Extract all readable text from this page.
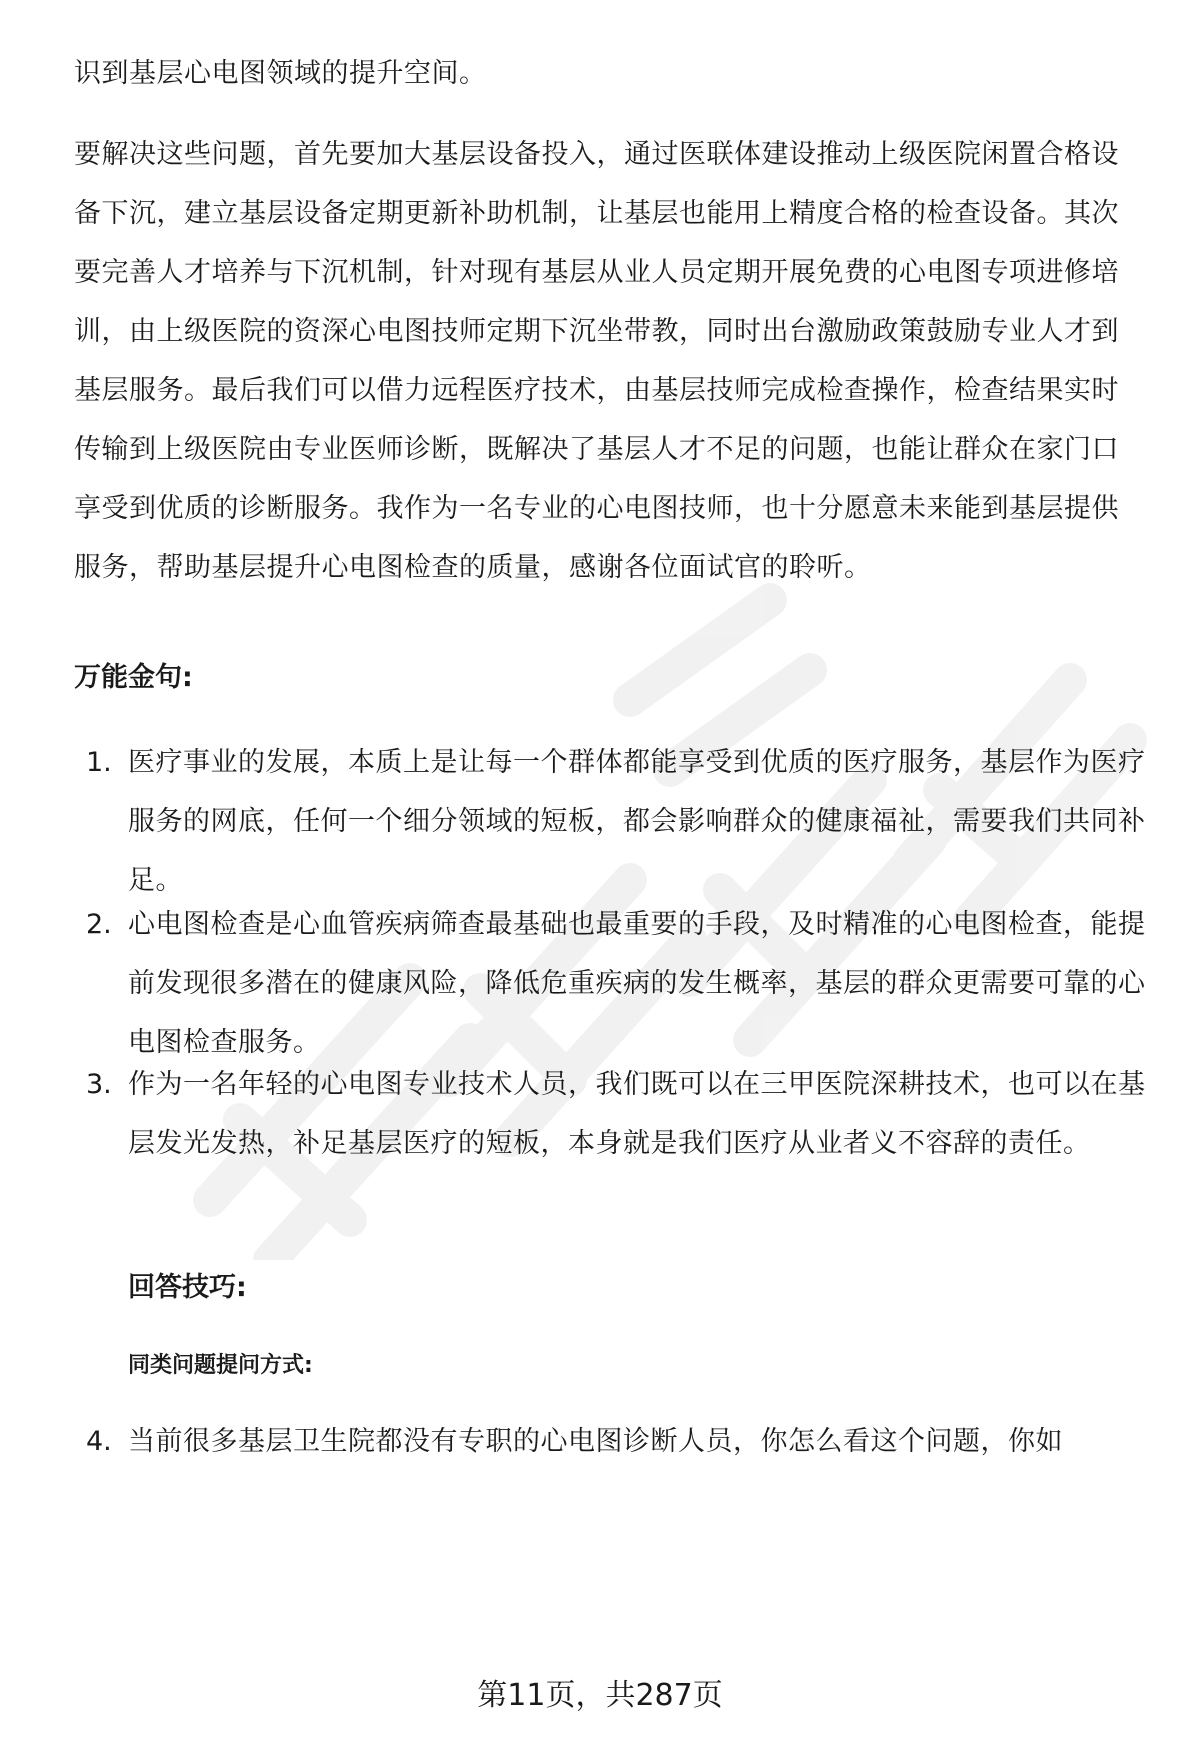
识到基层心电图领域的提升空间。

要解决这些问题，首先要加大基层设备投入，通过医联体建设推动上级医院闲置合格设备下沉，建立基层设备定期更新补助机制，让基层也能用上精度合格的检查设备。其次要完善人才培养与下沉机制，针对现有基层从业人员定期开展免费的心电图专项进修培训，由上级医院的资深心电图技师定期下沉坐带教，同时出台激励政策鼓励专业人才到基层服务。最后我们可以借力远程医疗技术，由基层技师完成检查操作，检查结果实时传输到上级医院由专业医师诊断，既解决了基层人才不足的问题，也能让群众在家门口享受到优质的诊断服务。我作为一名专业的心电图技师，也十分愿意未来能到基层提供服务，帮助基层提升心电图检查的质量，感谢各位面试官的聆听。

万能金句:
1. 医疗事业的发展，本质上是让每一个群体都能享受到优质的医疗服务，基层作为医疗服务的网底，任何一个细分领域的短板，都会影响群众的健康福祉，需要我们共同补足。
2. 心电图检查是心血管疾病筛查最基础也最重要的手段，及时精准的心电图检查，能提前发现很多潜在的健康风险，降低危重疾病的发生概率，基层的群众更需要可靠的心电图检查服务。
3. 作为一名年轻的心电图专业技术人员，我们既可以在三甲医院深耕技术，也可以在基层发光发热，补足基层医疗的短板，本身就是我们医疗从业者义不容辞的责任。
回答技巧:
同类问题提问方式:
4. 当前很多基层卫生院都没有专职的心电图诊断人员，你怎么看这个问题，你如
第11页，共287页
